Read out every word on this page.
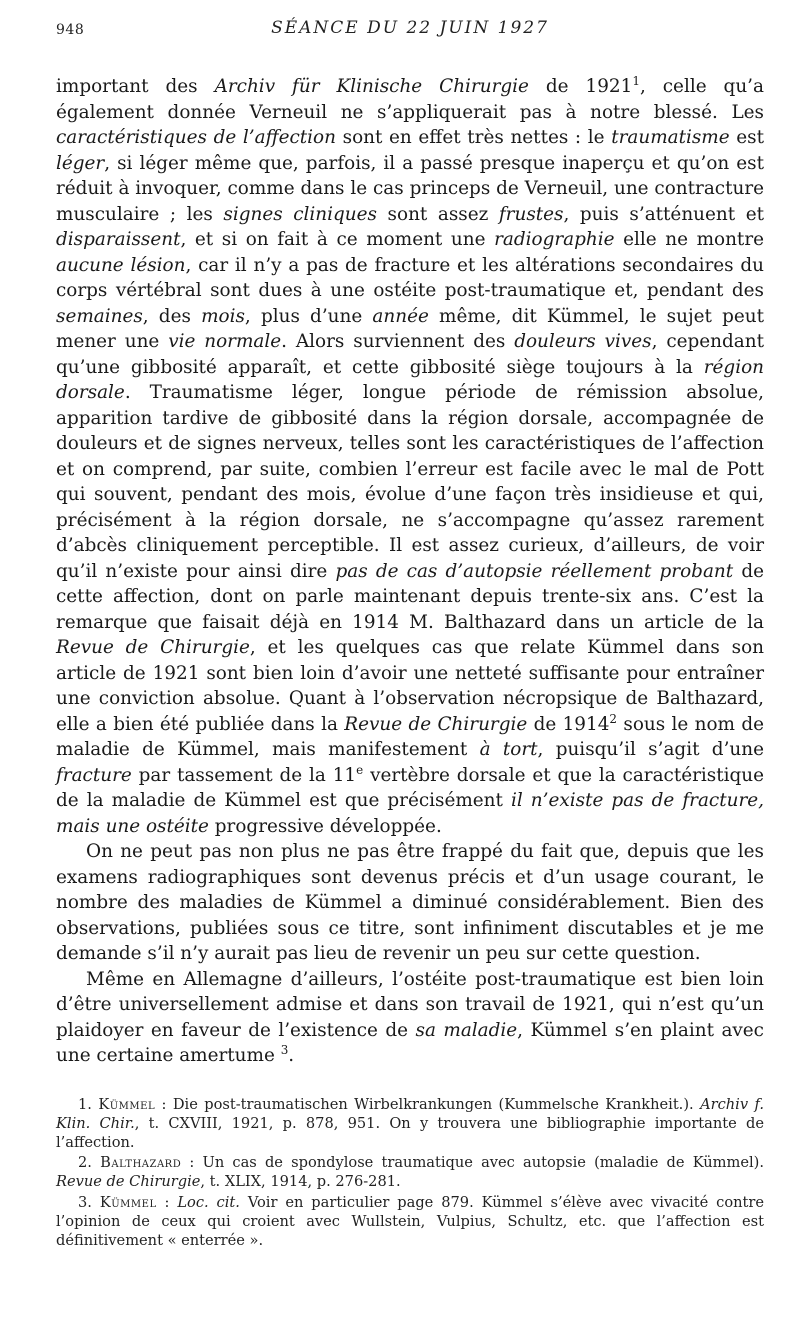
948	SÉANCE DU 22 JUIN 1927

important des Archiv für Klinische Chirurgie de 1921$^1$, celle qu’a également donnée Verneuil ne s’appliquerait pas à notre blessé. Les caractéristiques de l’affection sont en effet très nettes : le traumatisme est léger, si léger même que, parfois, il a passé presque inaperçu et qu’on est réduit à invoquer, comme dans le cas princeps de Verneuil, une contracture musculaire ; les signes cliniques sont assez frustes, puis s’atténuent et disparaissent, et si on fait à ce moment une radiographie elle ne montre aucune lésion, car il n’y a pas de fracture et les altérations secondaires du corps vértébral sont dues à une ostéite post-traumatique et, pendant des semaines, des mois, plus d’une année même, dit Kümmel, le sujet peut mener une vie normale. Alors surviennent des douleurs vives, cependant qu’une gibbosité apparaît, et cette gibbosité siège toujours à la région dorsale. Traumatisme léger, longue période de rémission absolue, apparition tardive de gibbosité dans la région dorsale, accompagnée de douleurs et de signes nerveux, telles sont les caractéristiques de l’affection et on comprend, par suite, combien l’erreur est facile avec le mal de Pott qui souvent, pendant des mois, évolue d’une façon très insidieuse et qui, précisément à la région dorsale, ne s’accompagne qu’assez rarement d’abcès cliniquement perceptible. Il est assez curieux, d’ailleurs, de voir qu’il n’existe pour ainsi dire pas de cas d’autopsie réellement probant de cette affection, dont on parle maintenant depuis trente-six ans. C’est la remarque que faisait déjà en 1914 M. Balthazard dans un article de la Revue de Chirurgie, et les quelques cas que relate Kümmel dans son article de 1921 sont bien loin d’avoir une netteté suffisante pour entraîner une conviction absolue. Quant à l’observation nécropsique de Balthazard, elle a bien été publiée dans la Revue de Chirurgie de 1914$^2$ sous le nom de maladie de Kümmel, mais manifestement à tort, puisqu’il s’agit d’une fracture par tassement de la 11e vertèbre dorsale et que la caractéristique de la maladie de Kümmel est que précisément il n’existe pas de fracture, mais une ostéite progressive développée.

On ne peut pas non plus ne pas être frappé du fait que, depuis que les examens radiographiques sont devenus précis et d’un usage courant, le nombre des maladies de Kümmel a diminué considérablement. Bien des observations, publiées sous ce titre, sont infiniment discutables et je me demande s’il n’y aurait pas lieu de revenir un peu sur cette question.

Même en Allemagne d’ailleurs, l’ostéite post-traumatique est bien loin d’être universellement admise et dans son travail de 1921, qui n’est qu’un plaidoyer en faveur de l’existence de sa maladie, Kümmel s’en plaint avec une certaine amertume $^3$.

1. Kümmel : Die post-traumatischen Wirbelkrankungen (Kummelsche Krankheit.). Archiv f. Klin. Chir., t. CXVIII, 1921, p. 878, 951. On y trouvera une bibliographie importante de l’affection.

2. Balthazard : Un cas de spondylose traumatique avec autopsie (maladie de Kümmel). Revue de Chirurgie, t. XLIX, 1914, p. 276-281.

3. Kümmel : Loc. cit. Voir en particulier page 879. Kümmel s’élève avec vivacité contre l’opinion de ceux qui croient avec Wullstein, Vulpius, Schultz, etc. que l’affection est définitivement « enterrée ».
